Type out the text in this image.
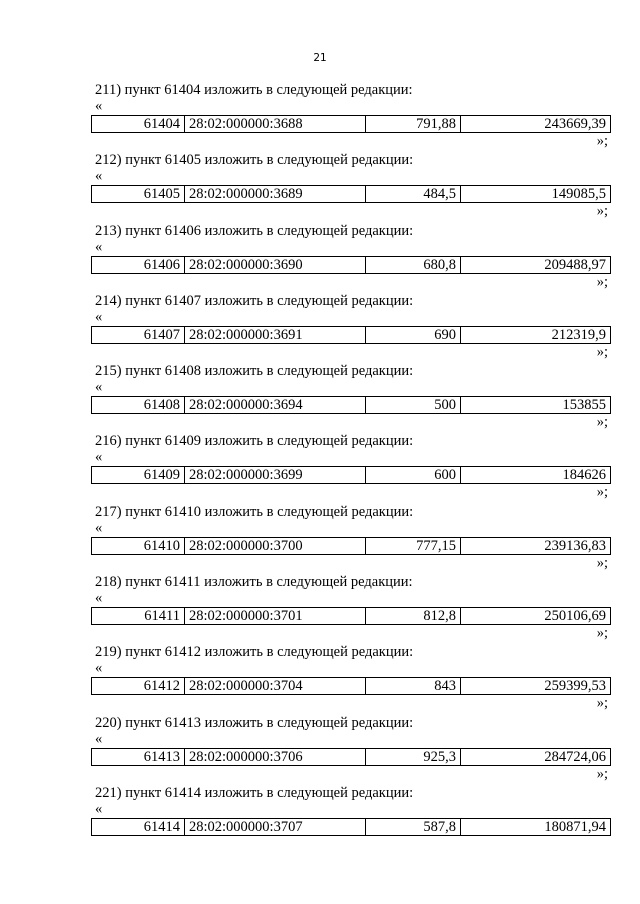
21
211) пункт 61404 изложить в следующей редакции:
«
61404 28:02:000000:3688	791,88	243669,39
»;
212) пункт 61405 изложить в следующей редакции:
«
61405 28:02:000000:3689	484,5	149085,5
»;
213) пункт 61406 изложить в следующей редакции:
«
61406 28:02:000000:3690	680,8	209488,97
»;
214) пункт 61407 изложить в следующей редакции:
«
61407 28:02:000000:3691	690	212319,9
»;
215) пункт 61408 изложить в следующей редакции:
«
61408 28:02:000000:3694	500	153855
»;
216) пункт 61409 изложить в следующей редакции:
«
61409 28:02:000000:3699	600	184626
»;
217) пункт 61410 изложить в следующей редакции:
«
61410 28:02:000000:3700	777,15	239136,83
»;
218) пункт 61411 изложить в следующей редакции:
«
61411 28:02:000000:3701	812,8	250106,69
»;
219) пункт 61412 изложить в следующей редакции:
«
61412 28:02:000000:3704	843	259399,53
»;
220) пункт 61413 изложить в следующей редакции:
«
61413 28:02:000000:3706	925,3	284724,06
»;
221) пункт 61414 изложить в следующей редакции:
«
61414 28:02:000000:3707	587,8	180871,94
